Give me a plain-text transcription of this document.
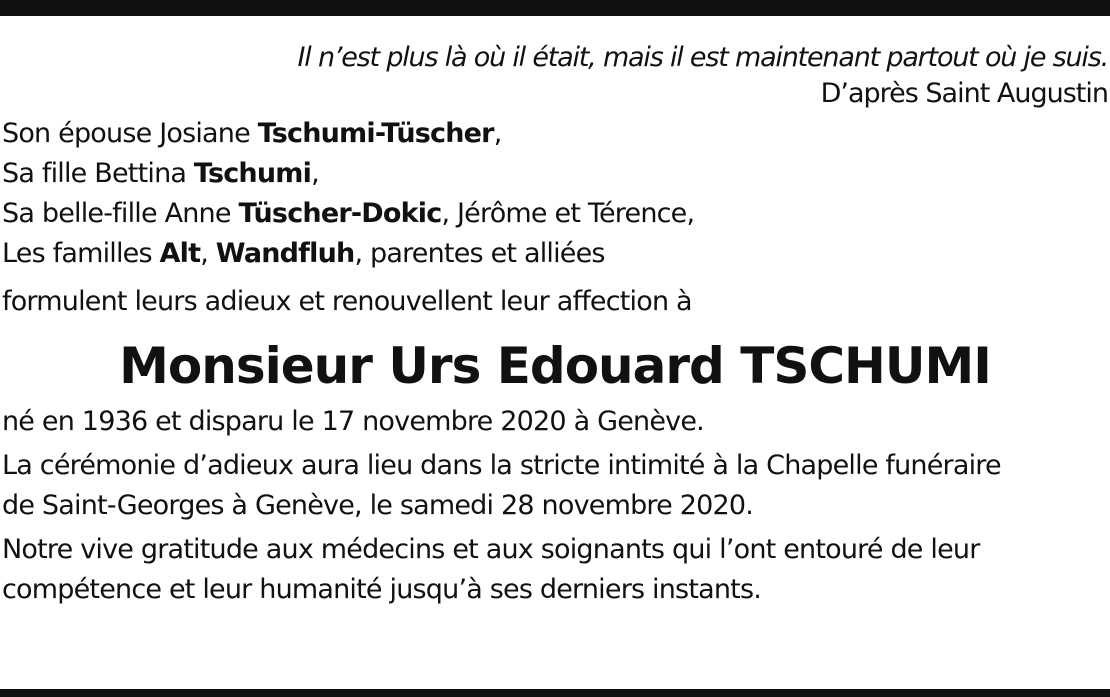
Il n’est plus là où il était, mais il est maintenant partout où je suis.

D’après Saint Augustin

Son épouse Josiane Tschumi-Tüscher,

Sa fille Bettina Tschumi,

Sa belle-fille Anne Tüscher-Dokic, Jérôme et Térence,

Les familles Alt, Wandfluh, parentes et alliées

formulent leurs adieux et renouvellent leur affection à

Monsieur Urs Edouard TSCHUMI

né en 1936 et disparu le 17 novembre 2020 à Genève.

La cérémonie d’adieux aura lieu dans la stricte intimité à la Chapelle funéraire
de Saint-Georges à Genève, le samedi 28 novembre 2020.
Notre vive gratitude aux médecins et aux soignants qui l’ont entouré de leur
compétence et leur humanité jusqu’à ses derniers instants.
